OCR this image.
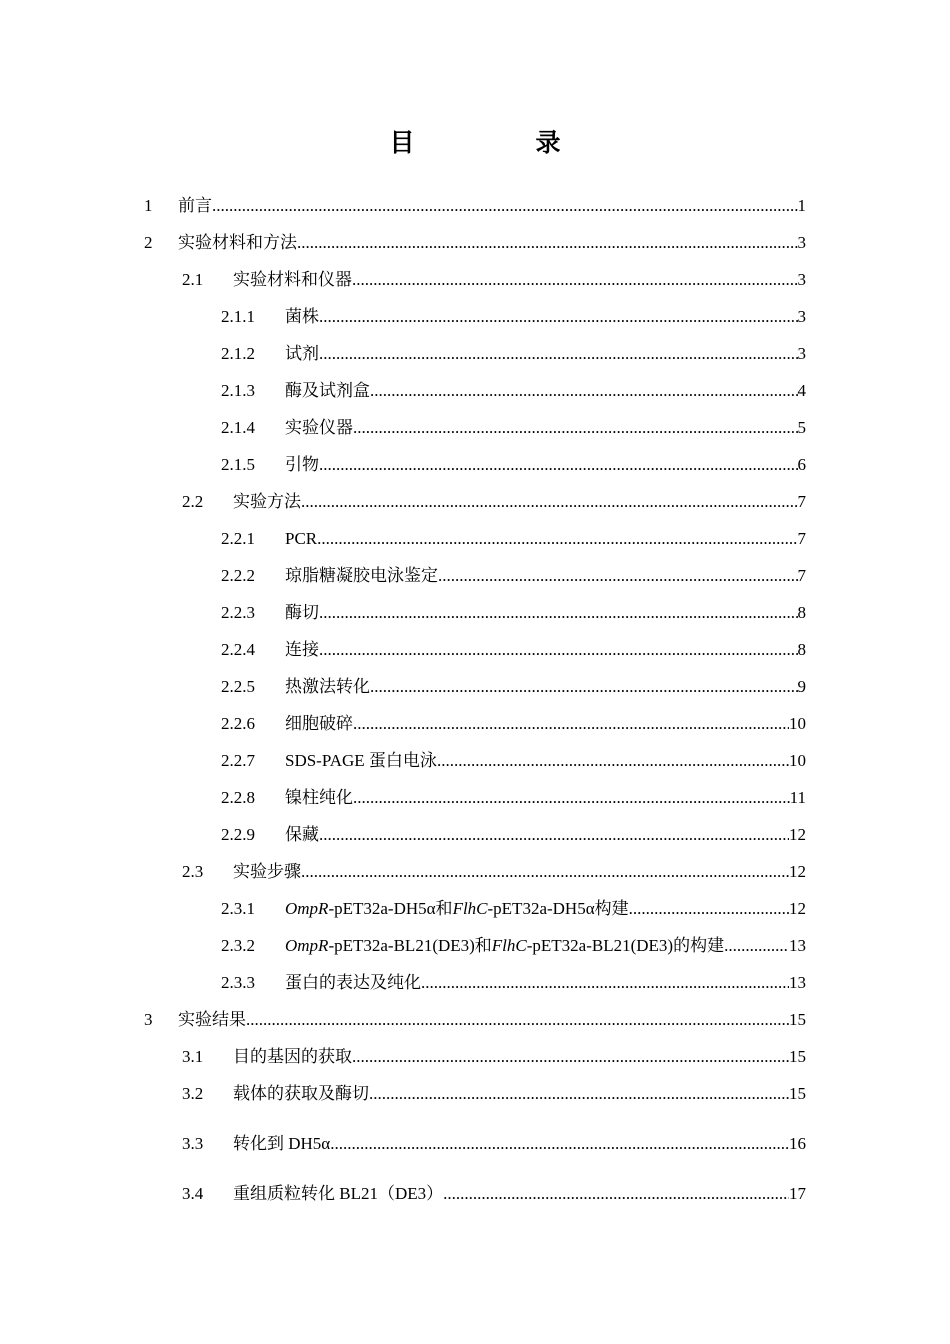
目　录
1	前言 .....	1
2	实验材料和方法 .....	3
2.1	实验材料和仪器 .....	3
2.1.1	菌株 .....	3
2.1.2	试剂 .....	3
2.1.3	酶及试剂盒 .....	4
2.1.4	实验仪器 .....	5
2.1.5	引物 .....	6
2.2	实验方法 .....	7
2.2.1	PCR .....	7
2.2.2	琼脂糖凝胶电泳鉴定 .....	7
2.2.3	酶切 .....	8
2.2.4	连接 .....	8
2.2.5	热激法转化 .....	9
2.2.6	细胞破碎 .....	10
2.2.7	SDS-PAGE 蛋白电泳 .....	10
2.2.8	镍柱纯化 .....	11
2.2.9	保藏 .....	12
2.3	实验步骤 .....	12
2.3.1	OmpR-pET32a-DH5α和FlhC-pET32a-DH5α构建 .....	12
2.3.2	OmpR-pET32a-BL21(DE3)和FlhC-pET32a-BL21(DE3)的构建 .....	13
2.3.3	蛋白的表达及纯化 .....	13
3	实验结果 .....	15
3.1	目的基因的获取 .....	15
3.2	载体的获取及酶切 .....	15
3.3	转化到 DH5α .....	16
3.4	重组质粒转化 BL21（DE3） .....	17
